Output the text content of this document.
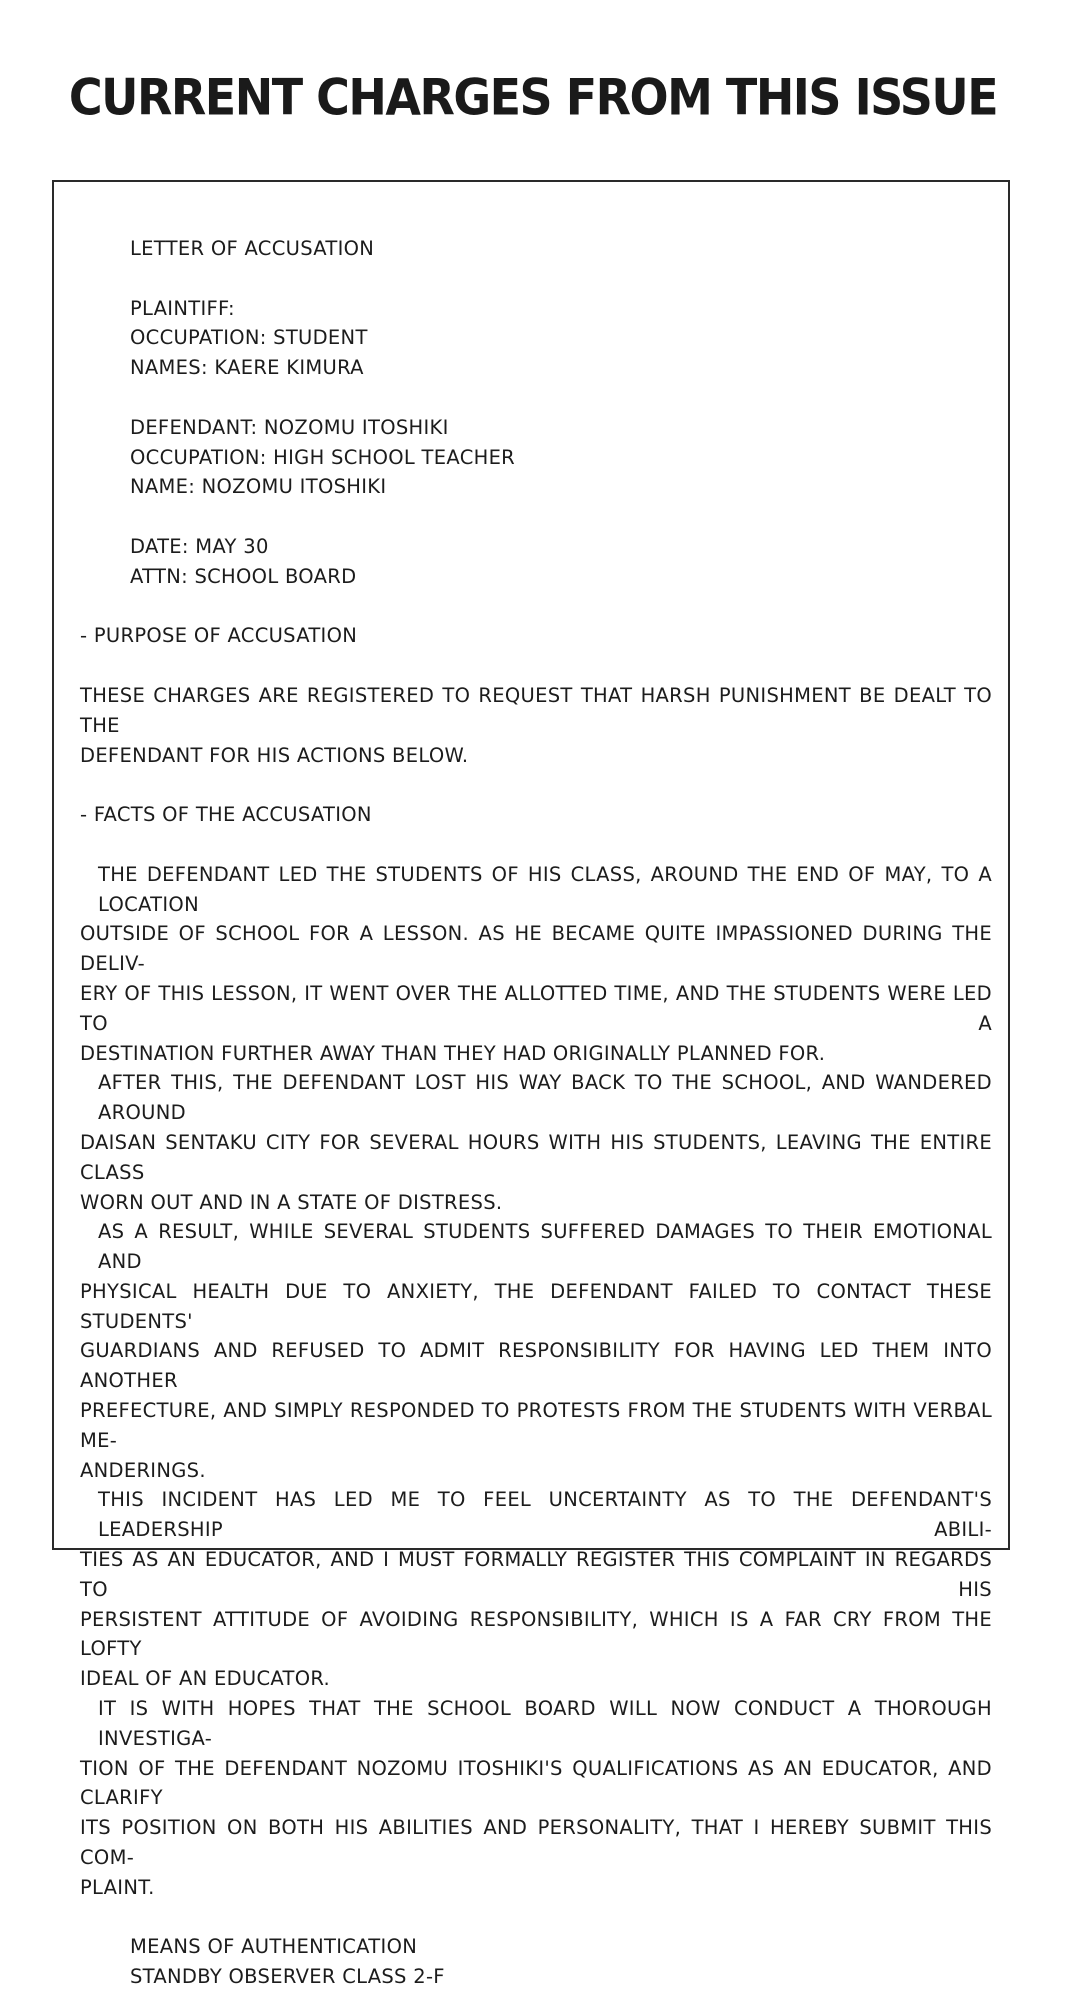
CURRENT CHARGES FROM THIS ISSUE
LETTER OF ACCUSATION
PLAINTIFF:
OCCUPATION: STUDENT
NAMES: KAERE KIMURA
DEFENDANT: NOZOMU ITOSHIKI
OCCUPATION: HIGH SCHOOL TEACHER
NAME: NOZOMU ITOSHIKI
DATE: MAY 30
ATTN: SCHOOL BOARD
- PURPOSE OF ACCUSATION
THESE CHARGES ARE REGISTERED TO REQUEST THAT HARSH PUNISHMENT BE DEALT TO THE
DEFENDANT FOR HIS ACTIONS BELOW.
- FACTS OF THE ACCUSATION
THE DEFENDANT LED THE STUDENTS OF HIS CLASS, AROUND THE END OF MAY, TO A LOCATION
OUTSIDE OF SCHOOL FOR A LESSON. AS HE BECAME QUITE IMPASSIONED DURING THE DELIV-
ERY OF THIS LESSON, IT WENT OVER THE ALLOTTED TIME, AND THE STUDENTS WERE LED TO A
DESTINATION FURTHER AWAY THAN THEY HAD ORIGINALLY PLANNED FOR.
AFTER THIS, THE DEFENDANT LOST HIS WAY BACK TO THE SCHOOL, AND WANDERED AROUND
DAISAN SENTAKU CITY FOR SEVERAL HOURS WITH HIS STUDENTS, LEAVING THE ENTIRE CLASS
WORN OUT AND IN A STATE OF DISTRESS.
AS A RESULT, WHILE SEVERAL STUDENTS SUFFERED DAMAGES TO THEIR EMOTIONAL AND
PHYSICAL HEALTH DUE TO ANXIETY, THE DEFENDANT FAILED TO CONTACT THESE STUDENTS'
GUARDIANS AND REFUSED TO ADMIT RESPONSIBILITY FOR HAVING LED THEM INTO ANOTHER
PREFECTURE, AND SIMPLY RESPONDED TO PROTESTS FROM THE STUDENTS WITH VERBAL ME-
ANDERINGS.
THIS INCIDENT HAS LED ME TO FEEL UNCERTAINTY AS TO THE DEFENDANT'S LEADERSHIP ABILI-
TIES AS AN EDUCATOR, AND I MUST FORMALLY REGISTER THIS COMPLAINT IN REGARDS TO HIS
PERSISTENT ATTITUDE OF AVOIDING RESPONSIBILITY, WHICH IS A FAR CRY FROM THE LOFTY
IDEAL OF AN EDUCATOR.
IT IS WITH HOPES THAT THE SCHOOL BOARD WILL NOW CONDUCT A THOROUGH INVESTIGA-
TION OF THE DEFENDANT NOZOMU ITOSHIKI'S QUALIFICATIONS AS AN EDUCATOR, AND CLARIFY
ITS POSITION ON BOTH HIS ABILITIES AND PERSONALITY, THAT I HEREBY SUBMIT THIS COM-
PLAINT.
MEANS OF AUTHENTICATION
STANDBY OBSERVER CLASS 2-F
